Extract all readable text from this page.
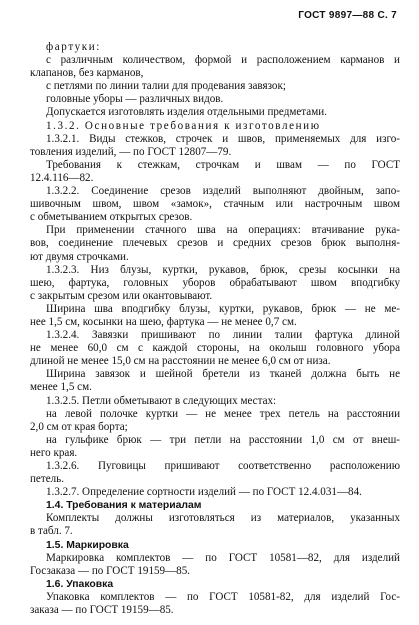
ГОСТ 9897—88 С. 7
фартуки:
с различным количеством, формой и расположением карманов и
клапанов, без карманов,
с петлями по линии талии для продевания завязок;
головные уборы — различных видов.
Допускается изготовлять изделия отдельными предметами.
1.3.2. Основные требования к изготовлению
1.3.2.1. Виды стежков, строчек и швов, применяемых для изго-
товления изделий, — по ГОСТ 12807—79.
Требования к стежкам, строчкам и швам — по ГОСТ
12.4.116—82.
1.3.2.2. Соединение срезов изделий выполняют двойным, запо-
шивочным швом, швом «замок», стачным или настрочным швом
с обметыванием открытых срезов.
При применении стачного шва на операциях: втачивание рука-
вов, соединение плечевых срезов и средних срезов брюк выполня-
ют двумя строчками.
1.3.2.3. Низ блузы, куртки, рукавов, брюк, срезы косынки на
шею, фартука, головных уборов обрабатывают швом вподгибку
с закрытым срезом или окантовывают.
Ширина шва вподгибку блузы, куртки, рукавов, брюк — не ме-
нее 1,5 см, косынки на шею, фартука — не менее 0,7 см.
1.3.2.4. Завязки пришивают по линии талии фартука длиной
не менее 60,0 см с каждой стороны, на околыш головного убора
длиной не менее 15,0 см на расстоянии не менее 6,0 см от низа.
Ширина завязок и шейной бретели из тканей должна быть не
менее 1,5 см.
1.3.2.5. Петли обметывают в следующих местах:
на левой полочке куртки — не менее трех петель на расстоянии
2,0 см от края борта;
на гульфике брюк — три петли на расстоянии 1,0 см от внеш-
него края.
1.3.2.6. Пуговицы пришивают соответственно расположению
петель.
1.3.2.7. Определение сортности изделий — по ГОСТ 12.4.031—84.
1.4. Требования к материалам
Комплекты должны изготовляться из материалов, указанных
в табл. 7.
1.5. Маркировка
Маркировка комплектов — по ГОСТ 10581—82, для изделий
Госзаказа — по ГОСТ 19159—85.
1.6. Упаковка
Упаковка комплектов — по ГОСТ 10581-82, для изделий Гос-
заказа — по ГОСТ 19159—85.
